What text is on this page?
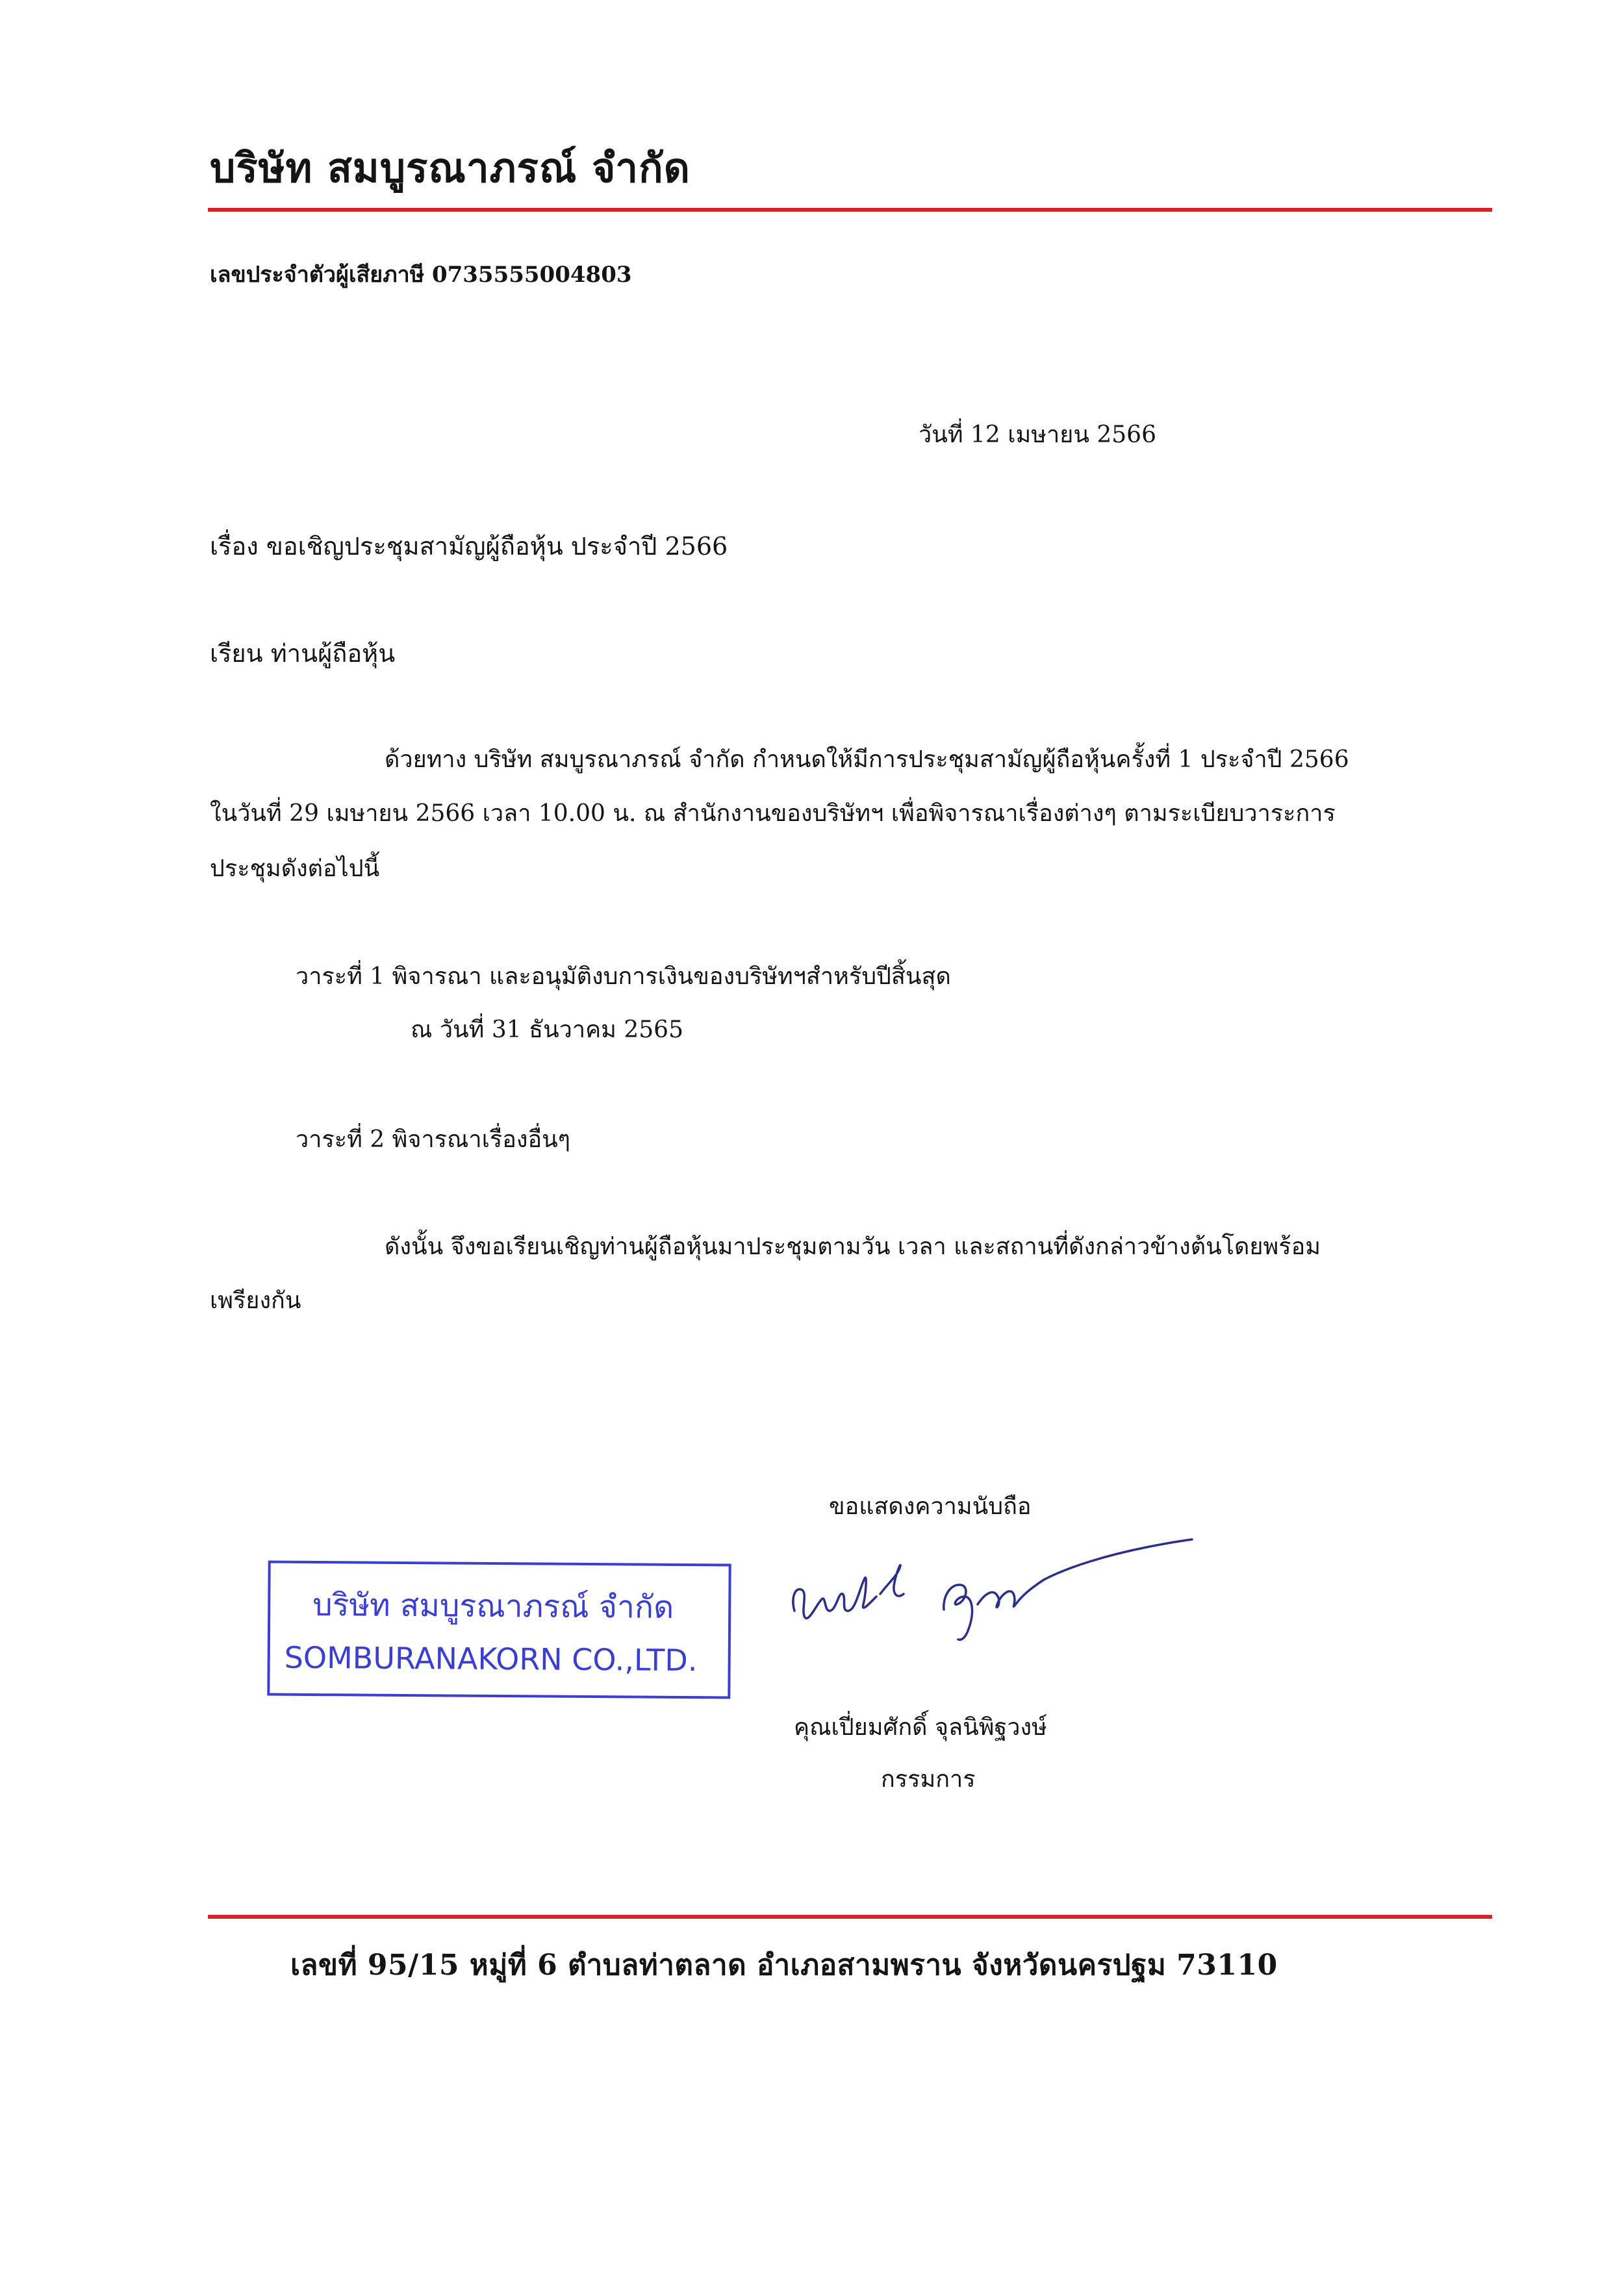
บริษัท สมบูรณาภรณ์ จำกัด
เลขประจำตัวผู้เสียภาษี 0735555004803
วันที่ 12 เมษายน 2566
เรื่อง ขอเชิญประชุมสามัญผู้ถือหุ้น ประจำปี 2566
เรียน ท่านผู้ถือหุ้น
ด้วยทาง บริษัท สมบูรณาภรณ์ จำกัด กำหนดให้มีการประชุมสามัญผู้ถือหุ้นครั้งที่ 1 ประจำปี 2566
ในวันที่ 29 เมษายน 2566 เวลา 10.00 น. ณ สำนักงานของบริษัทฯ เพื่อพิจารณาเรื่องต่างๆ ตามระเบียบวาระการ
ประชุมดังต่อไปนี้
วาระที่ 1 พิจารณา และอนุมัติงบการเงินของบริษัทฯสำหรับปีสิ้นสุด
ณ วันที่ 31 ธันวาคม 2565
วาระที่ 2 พิจารณาเรื่องอื่นๆ
ดังนั้น จึงขอเรียนเชิญท่านผู้ถือหุ้นมาประชุมตามวัน เวลา และสถานที่ดังกล่าวข้างต้นโดยพร้อม
เพรียงกัน
ขอแสดงความนับถือ
บริษัท สมบูรณาภรณ์ จำกัด
SOMBURANAKORN CO.,LTD.
คุณเปี่ยมศักดิ์ จุลนิพิฐวงษ์
กรรมการ
เลขที่ 95/15 หมู่ที่ 6 ตำบลท่าตลาด อำเภอสามพราน จังหวัดนครปฐม 73110
